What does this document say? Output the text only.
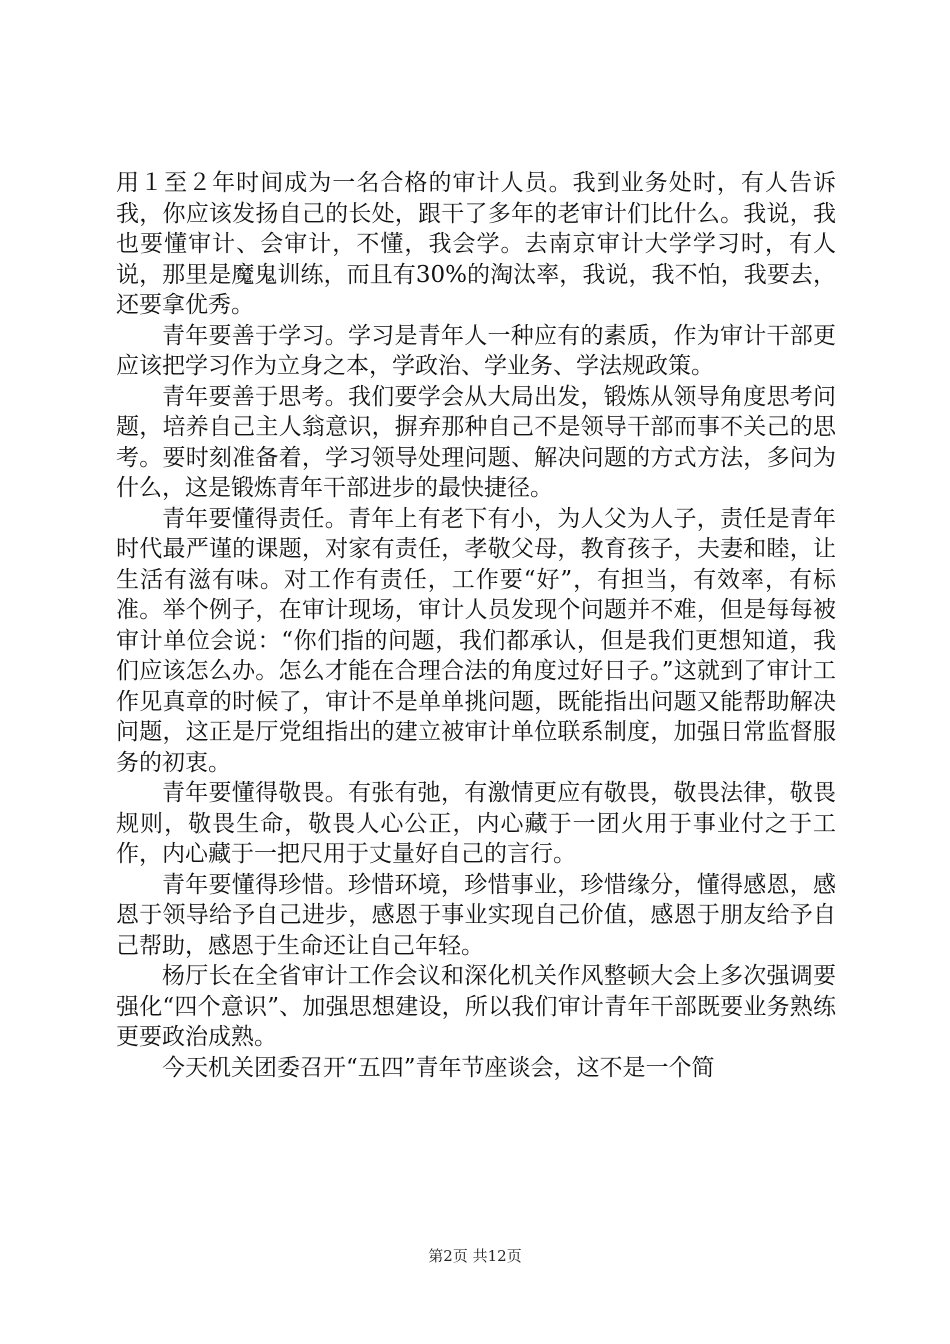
用１至２年时间成为一名合格的审计人员。我到业务处时，有人告诉我，你应该发扬自己的长处，跟干了多年的老审计们比什么。我说，我也要懂审计、会审计，不懂，我会学。去南京审计大学学习时，有人说，那里是魔鬼训练，而且有30%的淘汰率，我说，我不怕，我要去，还要拿优秀。

青年要善于学习。学习是青年人一种应有的素质，作为审计干部更应该把学习作为立身之本，学政治、学业务、学法规政策。

青年要善于思考。我们要学会从大局出发，锻炼从领导角度思考问题，培养自己主人翁意识，摒弃那种自己不是领导干部而事不关己的思考。要时刻准备着，学习领导处理问题、解决问题的方式方法，多问为什么，这是锻炼青年干部进步的最快捷径。

青年要懂得责任。青年上有老下有小，为人父为人子，责任是青年时代最严谨的课题，对家有责任，孝敬父母，教育孩子，夫妻和睦，让生活有滋有味。对工作有责任，工作要“好”，有担当，有效率，有标准。举个例子，在审计现场，审计人员发现个问题并不难，但是每每被审计单位会说：“你们指的问题，我们都承认，但是我们更想知道，我们应该怎么办。怎么才能在合理合法的角度过好日子。”这就到了审计工作见真章的时候了，审计不是单单挑问题，既能指出问题又能帮助解决问题，这正是厅党组指出的建立被审计单位联系制度，加强日常监督服务的初衷。

青年要懂得敬畏。有张有弛，有激情更应有敬畏，敬畏法律，敬畏规则，敬畏生命，敬畏人心公正，内心藏于一团火用于事业付之于工作，内心藏于一把尺用于丈量好自己的言行。

青年要懂得珍惜。珍惜环境，珍惜事业，珍惜缘分，懂得感恩，感恩于领导给予自己进步，感恩于事业实现自己价值，感恩于朋友给予自己帮助，感恩于生命还让自己年轻。

杨厅长在全省审计工作会议和深化机关作风整顿大会上多次强调要强化“四个意识”、加强思想建设，所以我们审计青年干部既要业务熟练更要政治成熟。

今天机关团委召开“五四”青年节座谈会，这不是一个简

第2页 共12页
